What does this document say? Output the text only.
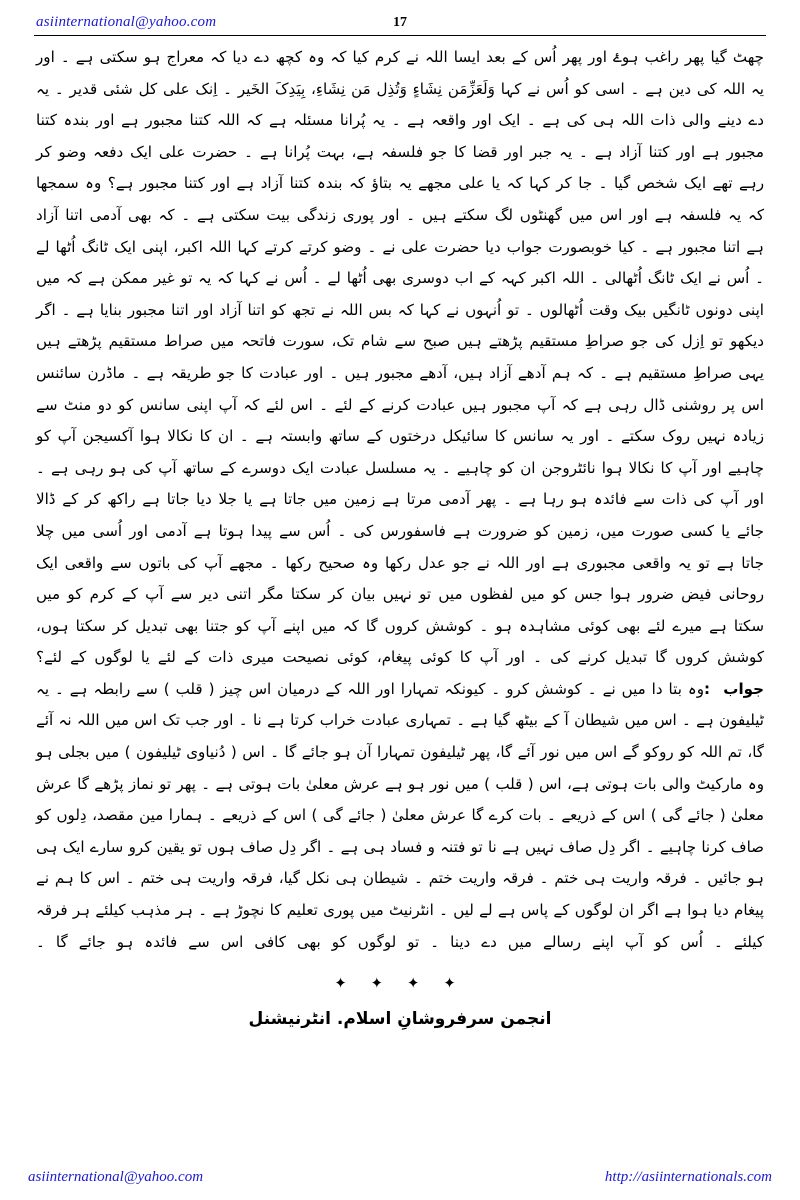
asiinternational@yahoo.com	17

چھٹ گیا پھر راغب ہوۓ اور پھر اُس کے بعد ایسا اللہ نے کرم کیا کہ وہ کچھ دے دیا کہ معراج ہو سکتی ہے ۔ اور یہ اللہ کی دین ہے ۔ اسی کو اُس نے کہا وَلَعَزِّمَن نِشَاءٍ وَتُذِل مَن نِشَاءِ، بِیَدِکَ الخَیر ۔ اِنک علی کل شئی قدیر ۔ یہ دے دینے والی ذات اللہ ہی کی ہے ۔ ایک اور واقعہ ہے ۔ یہ پُرانا مسئلہ ہے کہ اللہ کتنا مجبور ہے اور بندہ کتنا مجبور ہے اور کتنا آزاد ہے ۔ یہ جبر اور قضا کا جو فلسفہ ہے، بہت پُرانا ہے ۔ حضرت علی ایک دفعہ وضو کر رہے تھے ایک شخص گیا ۔ جا کر کہا کہ یا علی مجھے یہ بتاؤ کہ بندہ کتنا آزاد ہے اور کتنا مجبور ہے؟ وہ سمجھا کہ یہ فلسفہ ہے اور اس میں گھنٹوں لگ سکتے ہیں ۔ اور پوری زندگی بیت سکتی ہے ۔ کہ بھی آدمی اتنا آزاد ہے اتنا مجبور ہے ۔ کیا خوبصورت جواب دیا حضرت علی نے ۔ وضو کرتے کرتے کہا اللہ اکبر، اپنی ایک ٹانگ اُٹھا لے ۔ اُس نے ایک ٹانگ اُٹھالی ۔ اللہ اکبر کہہ کے اب دوسری بھی اُٹھا لے ۔ اُس نے کہا کہ یہ تو غیر ممکن ہے کہ میں اپنی دونوں ٹانگیں بیک وقت اُٹھالوں ۔ تو اُنہوں نے کہا کہ بس اللہ نے تجھ کو اتنا آزاد اور اتنا مجبور بنایا ہے ۔ اگر دیکھو تو اِزل کی جو صراطِ مستقیم پڑھتے ہیں صبح سے شام تک، سورت فاتحہ میں صراط مستقیم پڑھتے ہیں یہی صراطِ مستقیم ہے ۔ کہ ہم آدھے آزاد ہیں، آدھے مجبور ہیں ۔ اور عبادت کا جو طریقہ ہے ۔ ماڈرن سائنس اس پر روشنی ڈال رہی ہے کہ آپ مجبور ہیں عبادت کرنے کے لئے ۔ اس لئے کہ آپ اپنی سانس کو دو منٹ سے زیادہ نہیں روک سکتے ۔ اور یہ سانس کا سائیکل درختوں کے ساتھ وابستہ ہے ۔ ان کا نکالا ہوا آکسیجن آپ کو چاہیے اور آپ کا نکالا ہوا نائٹروجن ان کو چاہیے ۔ یہ مسلسل عبادت ایک دوسرے کے ساتھ آپ کی ہو رہی ہے ۔ اور آپ کی ذات سے فائدہ ہو رہا ہے ۔ پھر آدمی مرتا ہے زمین میں جاتا ہے یا جلا دیا جاتا ہے راکھ کر کے ڈالا جائے یا کسی صورت میں، زمین کو ضرورت ہے فاسفورس کی ۔ اُس سے پیدا ہوتا ہے آدمی اور اُسی میں چلا جاتا ہے تو یہ واقعی مجبوری ہے اور اللہ نے جو عدل رکھا وہ صحیح رکھا ۔ مجھے آپ کی باتوں سے واقعی ایک روحانی فیض ضرور ہوا جس کو میں لفظوں میں تو نہیں بیان کر سکتا مگر اتنی دیر سے آپ کے کرم کو میں سکتا ہے میرے لئے بھی کوئی مشاہدہ ہو ۔ کوشش کروں گا کہ میں اپنے آپ کو جتنا بھی تبدیل کر سکتا ہوں، کوشش کروں گا تبدیل کرنے کی ۔ اور آپ کا کوئی پیغام، کوئی نصیحت میری ذات کے لئے یا لوگوں کے لئے؟

جواب :وہ بتا دا میں نے ۔ کوشش کرو ۔ کیونکہ تمہارا اور اللہ کے درمیان اس چیز ( قلب ) سے رابطہ ہے ۔ یہ ٹیلیفون ہے ۔ اس میں شیطان آ کے بیٹھ گیا ہے ۔ تمہاری عبادت خراب کرتا ہے نا ۔ اور جب تک اس میں اللہ نہ آئے گا، تم اللہ کو روکو گے اس میں نور آئے گا، پھر ٹیلیفون تمہارا آن ہو جائے گا ۔ اس ( دُنیاوی ٹیلیفون ) میں بجلی ہو وہ مارکیٹ والی بات ہوتی ہے، اس ( قلب ) میں نور ہو ہے عرش معلیٰ بات ہوتی ہے ۔ پھر تو نماز پڑھے گا عرش معلیٰ ( جائے گی ) اس کے ذریعے ۔ بات کرے گا عرش معلیٰ ( جائے گی ) اس کے ذریعے ۔ ہمارا مین مقصد، دِلوں کو صاف کرنا چاہیے ۔ اگر دِل صاف نہیں ہے نا تو فتنہ و فساد ہی ہے ۔ اگر دِل صاف ہوں تو یقین کرو سارے ایک ہی ہو جائیں ۔ فرقہ واریت ہی ختم ۔ فرقہ واریت ختم ۔ شیطان ہی نکل گیا، فرقہ واریت ہی ختم ۔ اس کا ہم نے پیغام دیا ہوا ہے اگر ان لوگوں کے پاس ہے لے لیں ۔ انٹرنیٹ میں پوری تعلیم کا نچوڑ ہے ۔ ہر مذہب کیلئے ہر فرقہ کیلئے ۔ اُس کو آپ اپنے رسالے میں دے دینا ۔ تو لوگوں کو بھی کافی اس سے فائدہ ہو جائے گا ۔
✦ ✦ ✦ ✦
انجمن سرفروشانِ اسلام. انٹرنیشنل
asiinternational@yahoo.com	http://asiinternationals.com
